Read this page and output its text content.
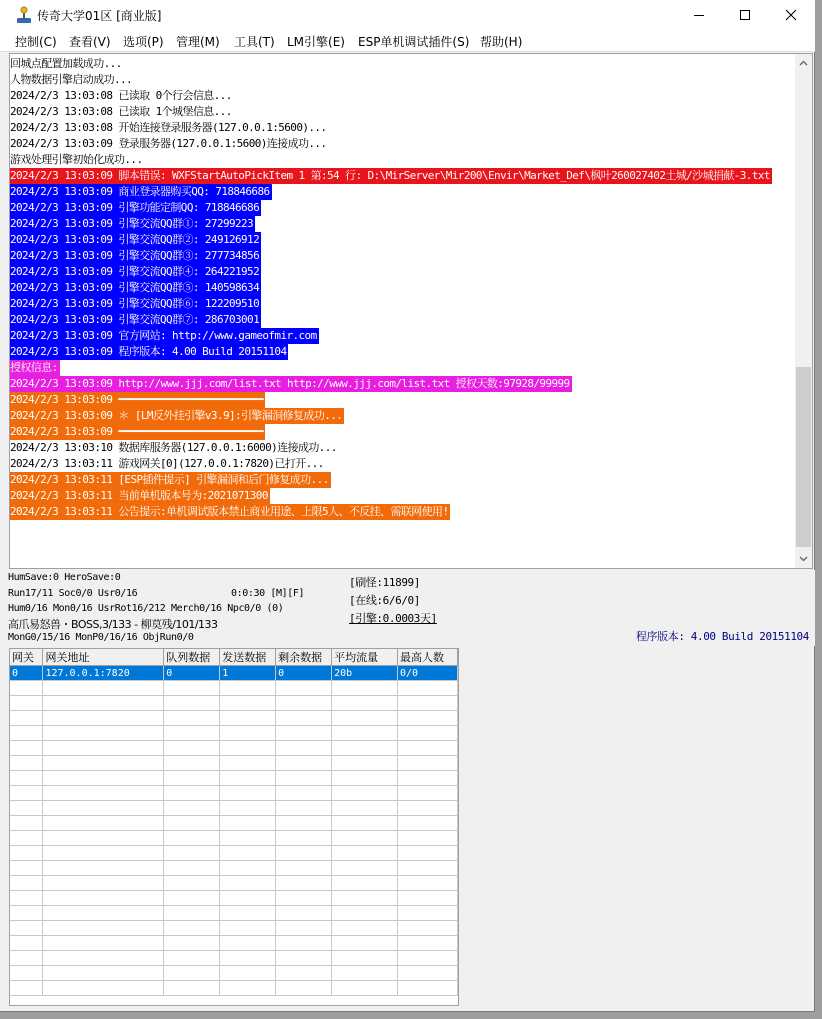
传奇大学01区 [商业版]
控制(C) 查看(V) 选项(P) 管理(M) 工具(T) LM引擎(E) ESP单机调试插件(S) 帮助(H)
回城点配置加载成功...
人物数据引擎启动成功...
2024/2/3 13:03:08 已读取 0个行会信息...
2024/2/3 13:03:08 已读取 1个城堡信息...
2024/2/3 13:03:08 开始连接登录服务器(127.0.0.1:5600)...
2024/2/3 13:03:09 登录服务器(127.0.0.1:5600)连接成功...
游戏处理引擎初始化成功...
2024/2/3 13:03:09 脚本错误: WXFStartAutoPickItem 1 第:54 行: D:\MirServer\Mir200\Envir\Market_Def\枫叶260027402土城/沙城捐献-3.txt
2024/2/3 13:03:09 商业登录器购买QQ: 718846686
2024/2/3 13:03:09 引擎功能定制QQ: 718846686
2024/2/3 13:03:09 引擎交流QQ群①: 27299223
2024/2/3 13:03:09 引擎交流QQ群②: 249126912
2024/2/3 13:03:09 引擎交流QQ群③: 277734856
2024/2/3 13:03:09 引擎交流QQ群④: 264221952
2024/2/3 13:03:09 引擎交流QQ群⑤: 140598634
2024/2/3 13:03:09 引擎交流QQ群⑥: 122209510
2024/2/3 13:03:09 引擎交流QQ群⑦: 286703001
2024/2/3 13:03:09 官方网站: http://www.gameofmir.com
2024/2/3 13:03:09 程序版本: 4.00 Build 20151104
授权信息:
2024/2/3 13:03:09 http://www.jjj.com/list.txt http://www.jjj.com/list.txt 授权天数:97928/99999
2024/2/3 13:03:09 ━━━━━━━━━━━━━━━━━━━━━━━━
2024/2/3 13:03:09 ＊ [LM反外挂引擎v3.9]:引擎漏洞修复成功...
2024/2/3 13:03:09 ━━━━━━━━━━━━━━━━━━━━━━━━
2024/2/3 13:03:10 数据库服务器(127.0.0.1:6000)连接成功...
2024/2/3 13:03:11 游戏网关[0](127.0.0.1:7820)已打开...
2024/2/3 13:03:11 [ESP插件提示] 引擎漏洞和后门修复成功...
2024/2/3 13:03:11 当前单机版本号为:2021071300
2024/2/3 13:03:11 公告提示:单机调试版本禁止商业用途、上限5人、不反挂、需联网使用!
HumSave:0 HeroSave:0
Run17/11 Soc0/0 Usr0/16	0:0:30 [M][F]
Hum0/16 Mon0/16 UsrRot16/212 Merch0/16 Npc0/0 (0)
高爪易怒兽・BOSS,3/133 - 柳莫残/101/133
MonG0/15/16 MonP0/16/16 ObjRun0/0
[刷怪:11899]
[在线:6/6/0]
[引擎:0.0003天]
程序版本: 4.00 Build 20151104
网关	网关地址	队列数据	发送数据	剩余数据	平均流量	最高人数
0	127.0.0.1:7820	0	1	0	20b	0/0
